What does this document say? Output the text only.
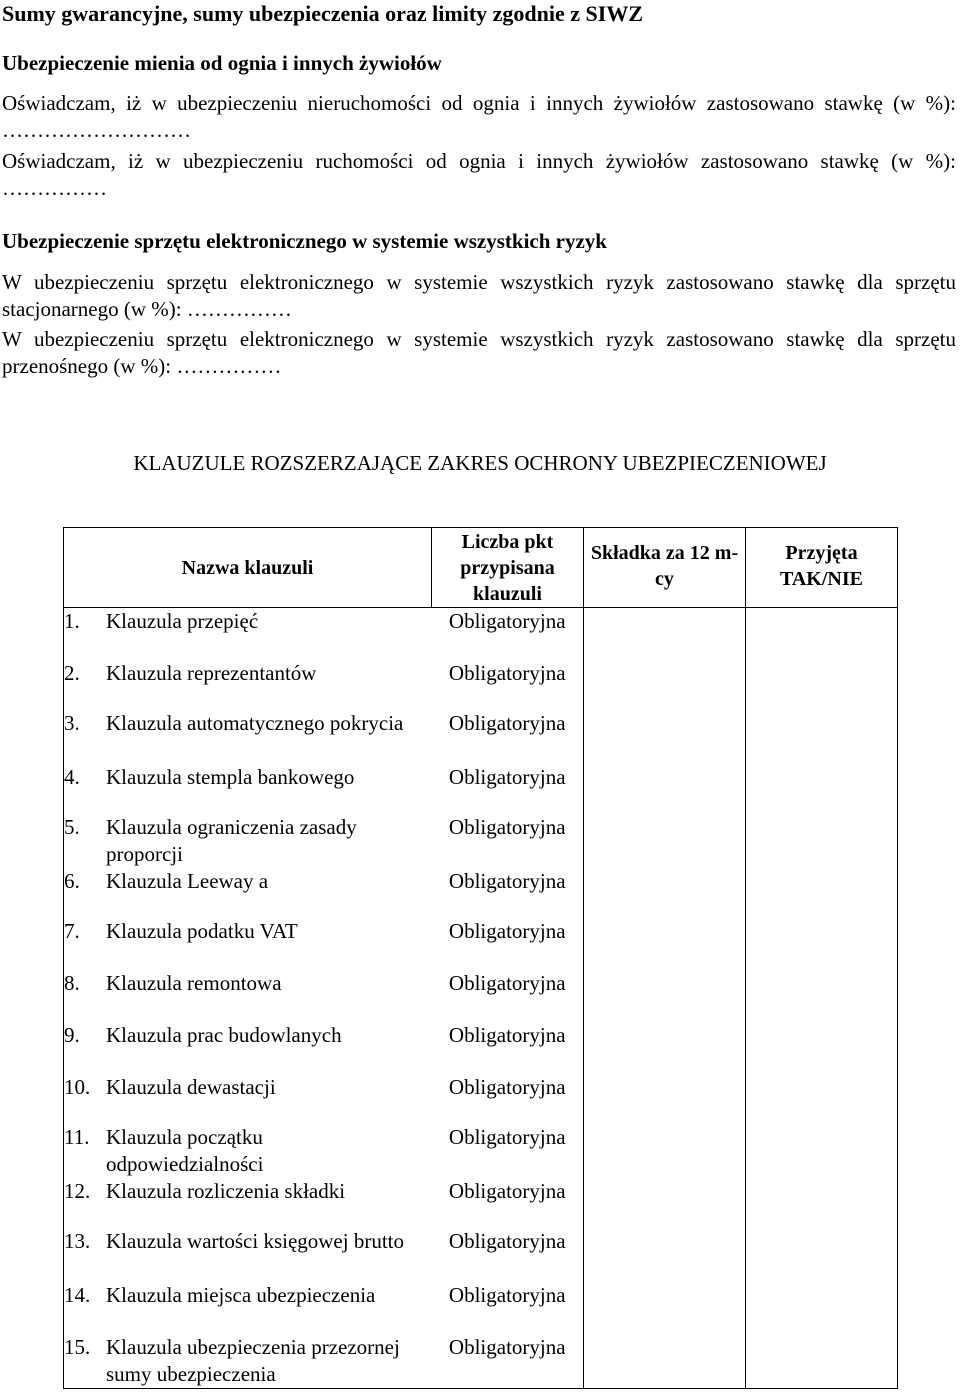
Sumy gwarancyjne, sumy ubezpieczenia oraz limity zgodnie z SIWZ
Ubezpieczenie mienia od ognia i innych żywiołów
Oświadczam, iż w ubezpieczeniu nieruchomości od ognia i innych żywiołów zastosowano stawkę (w %): ………………………
Oświadczam, iż w ubezpieczeniu ruchomości od ognia i innych żywiołów zastosowano stawkę (w %): ……………
Ubezpieczenie sprzętu elektronicznego w systemie wszystkich ryzyk
W ubezpieczeniu sprzętu elektronicznego w systemie wszystkich ryzyk zastosowano stawkę dla sprzętu stacjonarnego (w %): ……………
W ubezpieczeniu sprzętu elektronicznego w systemie wszystkich ryzyk zastosowano stawkę dla sprzętu przenośnego (w %): ……………
KLAUZULE ROZSZERZAJĄCE ZAKRES OCHRONY UBEZPIECZENIOWEJ
Nazwa klauzuli	Liczba pkt przypisana klauzuli	Składka za 12 m-cy	Przyjęta TAK/NIE
1. Klauzula przepięć	Obligatoryjna		
2. Klauzula reprezentantów	Obligatoryjna		
3. Klauzula automatycznego pokrycia	Obligatoryjna		
4. Klauzula stempla bankowego	Obligatoryjna		
5. Klauzula ograniczenia zasady proporcji	Obligatoryjna		
6. Klauzula Leeway a	Obligatoryjna		
7. Klauzula podatku VAT	Obligatoryjna		
8. Klauzula remontowa	Obligatoryjna		
9. Klauzula prac budowlanych	Obligatoryjna		
10. Klauzula dewastacji	Obligatoryjna		
11. Klauzula początku odpowiedzialności	Obligatoryjna		
12. Klauzula rozliczenia składki	Obligatoryjna		
13. Klauzula wartości księgowej brutto	Obligatoryjna		
14. Klauzula miejsca ubezpieczenia	Obligatoryjna		
15. Klauzula ubezpieczenia przezornej sumy ubezpieczenia	Obligatoryjna		
